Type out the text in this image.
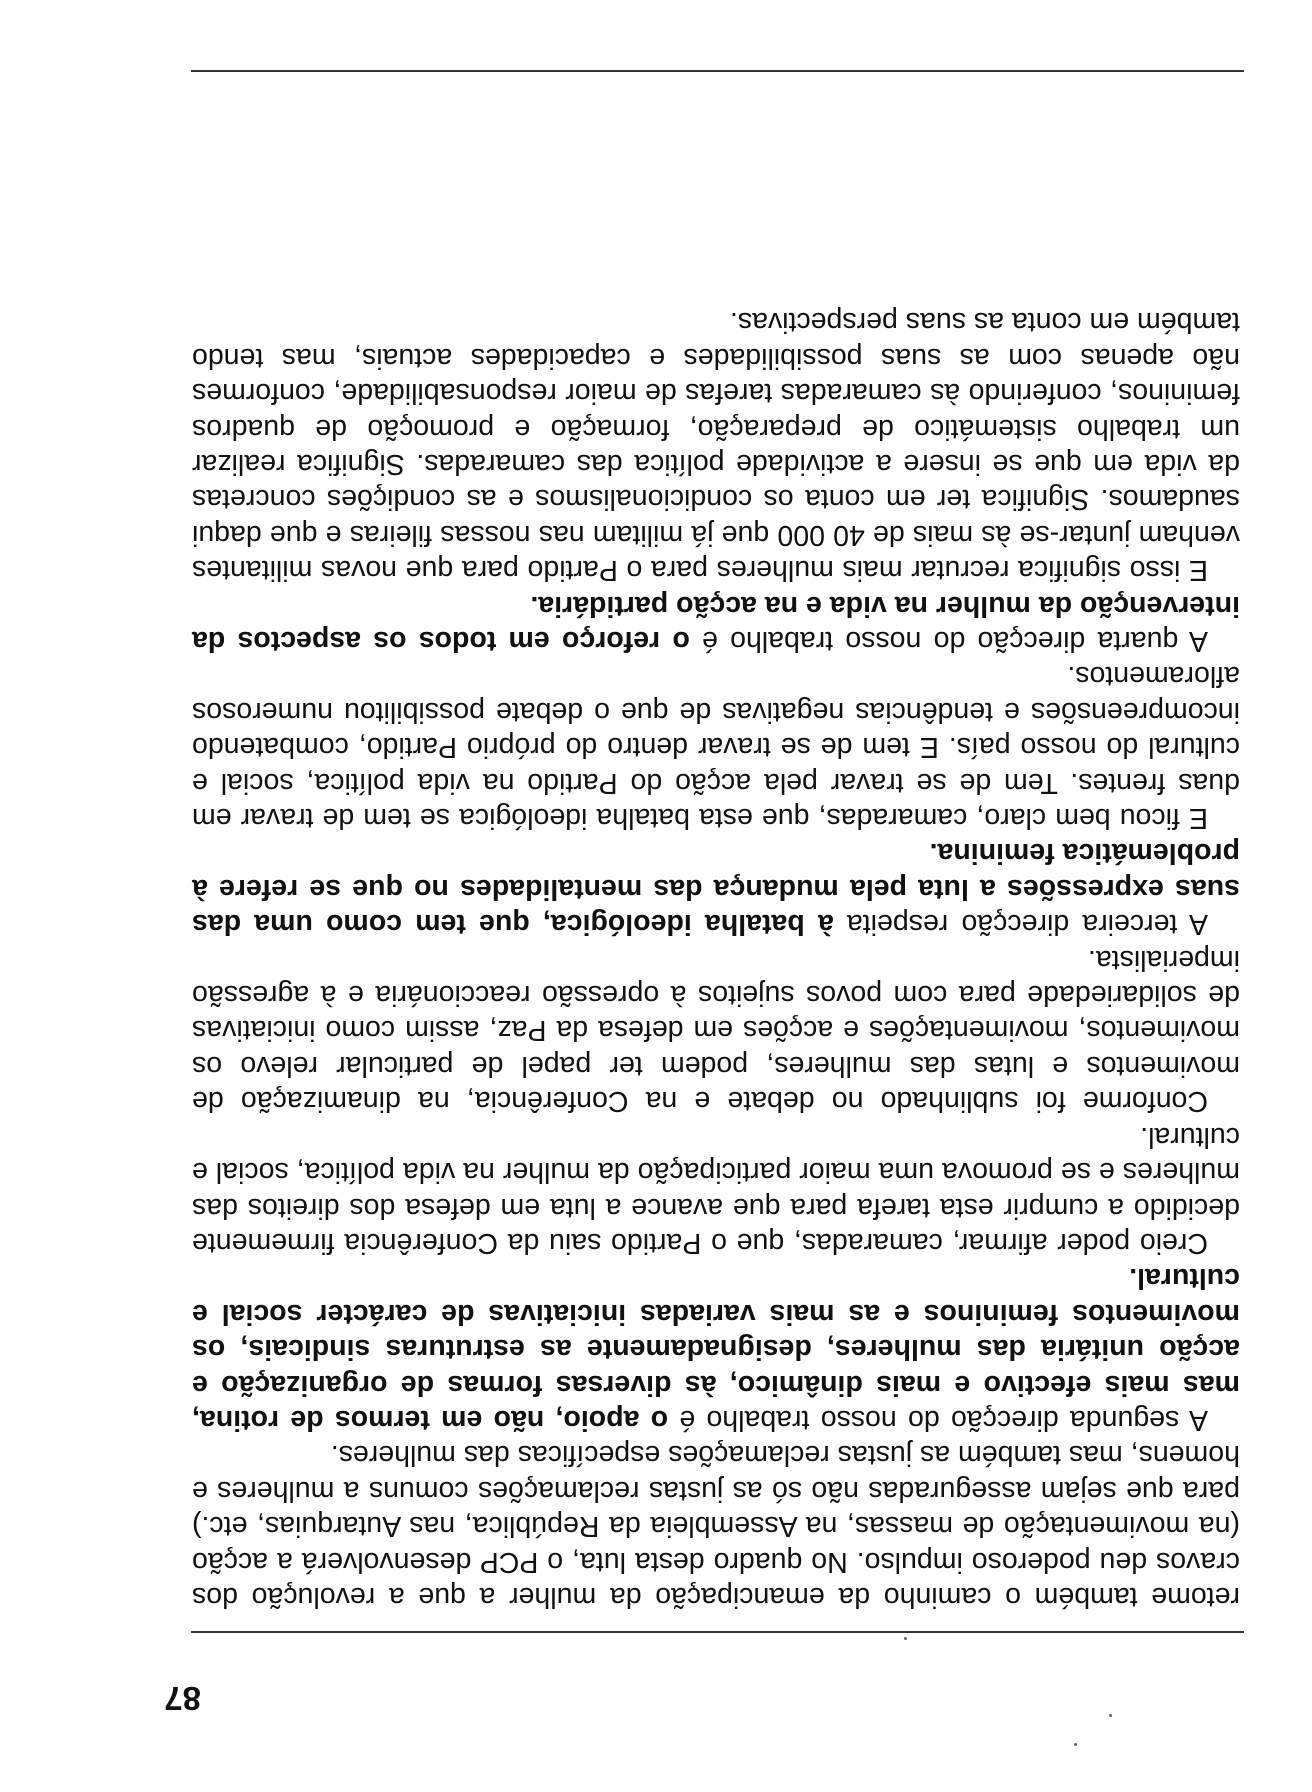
87

retome também o caminho da emancipação da mulher a que a revolução dos cravos deu poderoso impulso. No quadro desta luta, o PCP desenvolverá a acção (na movimentação de massas, na Assembleia da República, nas Autarquias, etc.) para que sejam asseguradas não só as justas reclamações comuns a mulheres e homens, mas também as justas reclamações específicas das mulheres.

A segunda direcção do nosso trabalho é o apoio, não em termos de rotina, mas mais efectivo e mais dinâmico, às diversas formas de organização e acção unitária das mulheres, designadamente as estruturas sindicais, os movimentos femininos e as mais variadas iniciativas de carácter social e cultural.

Creio poder afirmar, camaradas, que o Partido saiu da Conferência firmemente decidido a cumprir esta tarefa para que avance a luta em defesa dos direitos das mulheres e se promova uma maior participação da mulher na vida política, social e cultural.

Conforme foi sublinhado no debate e na Conferência, na dinamização de movimentos e lutas das mulheres, podem ter papel de particular relevo os movimentos, movimentações e acções em defesa da Paz, assim como iniciativas de solidariedade para com povos sujeitos à opressão reaccionária e à agressão imperialista.

A terceira direcção respeita à batalha ideológica, que tem como uma das suas expressões a luta pela mudança das mentalidades no que se refere à problemática feminina.

E ficou bem claro, camaradas, que esta batalha ideológica se tem de travar em duas frentes. Tem de se travar pela acção do Partido na vida política, social e cultural do nosso país. E tem de se travar dentro do próprio Partido, combatendo incompreensões e tendências negativas de que o debate possibilitou numerosos afloramentos.

A quarta direcção do nosso trabalho é o reforço em todos os aspectos da intervenção da mulher na vida e na acção partidária.

E isso significa recrutar mais mulheres para o Partido para que novas militantes venham juntar-se às mais de 40 000 que já militam nas nossas fileiras e que daqui saudamos. Significa ter em conta os condicionalismos e as condições concretas da vida em que se insere a actividade política das camaradas. Significa realizar um trabalho sistemático de preparação, formação e promoção de quadros femininos, conferindo às camaradas tarefas de maior responsabilidade, conformes não apenas com as suas possibilidades e capacidades actuais, mas tendo também em conta as suas perspectivas.
